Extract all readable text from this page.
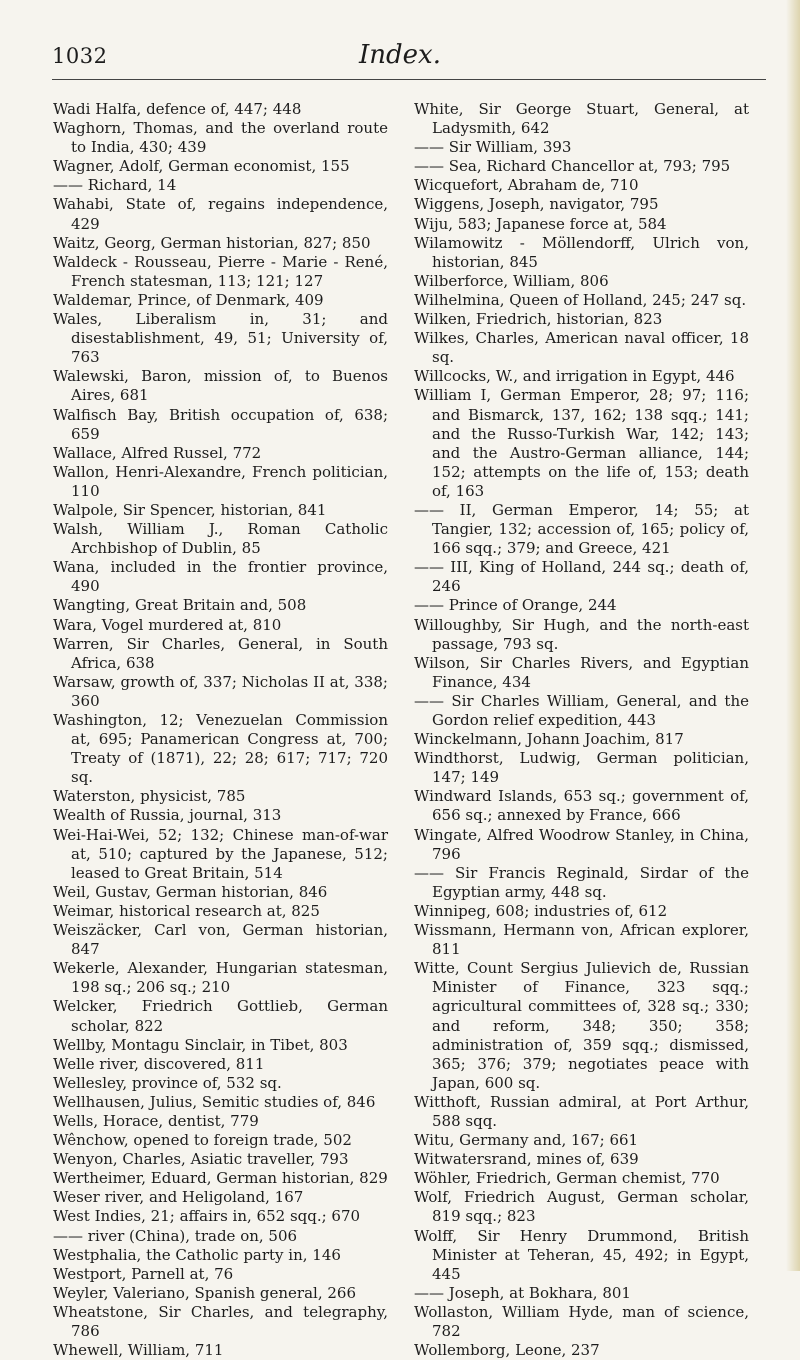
1032	Index.
Wadi Halfa, defence of, 447; 448
Waghorn, Thomas, and the overland route to India, 430; 439
Wagner, Adolf, German economist, 155
—— Richard, 14
Wahabi, State of, regains independence, 429
Waitz, Georg, German historian, 827; 850
Waldeck - Rousseau, Pierre - Marie - René, French statesman, 113; 121; 127
Waldemar, Prince, of Denmark, 409
Wales, Liberalism in, 31; and disestablishment, 49, 51; University of, 763
Walewski, Baron, mission of, to Buenos Aires, 681
Walfisch Bay, British occupation of, 638; 659
Wallace, Alfred Russel, 772
Wallon, Henri-Alexandre, French politician, 110
Walpole, Sir Spencer, historian, 841
Walsh, William J., Roman Catholic Archbishop of Dublin, 85
Wana, included in the frontier province, 490
Wangting, Great Britain and, 508
Wara, Vogel murdered at, 810
Warren, Sir Charles, General, in South Africa, 638
Warsaw, growth of, 337; Nicholas II at, 338; 360
Washington, 12; Venezuelan Commission at, 695; Panamerican Congress at, 700; Treaty of (1871), 22; 28; 617; 717; 720 sq.
Waterston, physicist, 785
Wealth of Russia, journal, 313
Wei-Hai-Wei, 52; 132; Chinese man-of-war at, 510; captured by the Japanese, 512; leased to Great Britain, 514
Weil, Gustav, German historian, 846
Weimar, historical research at, 825
Weiszäcker, Carl von, German historian, 847
Wekerle, Alexander, Hungarian statesman, 198 sq.; 206 sq.; 210
Welcker, Friedrich Gottlieb, German scholar, 822
Wellby, Montagu Sinclair, in Tibet, 803
Welle river, discovered, 811
Wellesley, province of, 532 sq.
Wellhausen, Julius, Semitic studies of, 846
Wells, Horace, dentist, 779
Wênchow, opened to foreign trade, 502
Wenyon, Charles, Asiatic traveller, 793
Wertheimer, Eduard, German historian, 829
Weser river, and Heligoland, 167
West Indies, 21; affairs in, 652 sqq.; 670
—— river (China), trade on, 506
Westphalia, the Catholic party in, 146
Westport, Parnell at, 76
Weyler, Valeriano, Spanish general, 266
Wheatstone, Sir Charles, and telegraphy, 786
Whewell, William, 711
White, Sir George Stuart, General, at Ladysmith, 642
—— Sir William, 393
—— Sea, Richard Chancellor at, 793; 795
Wicquefort, Abraham de, 710
Wiggens, Joseph, navigator, 795
Wiju, 583; Japanese force at, 584
Wilamowitz - Möllendorff, Ulrich von, historian, 845
Wilberforce, William, 806
Wilhelmina, Queen of Holland, 245; 247 sq.
Wilken, Friedrich, historian, 823
Wilkes, Charles, American naval officer, 18 sq.
Willcocks, W., and irrigation in Egypt, 446
William I, German Emperor, 28; 97; 116; and Bismarck, 137, 162; 138 sqq.; 141; and the Russo-Turkish War, 142; 143; and the Austro-German alliance, 144; 152; attempts on the life of, 153; death of, 163
—— II, German Emperor, 14; 55; at Tangier, 132; accession of, 165; policy of, 166 sqq.; 379; and Greece, 421
—— III, King of Holland, 244 sq.; death of, 246
—— Prince of Orange, 244
Willoughby, Sir Hugh, and the north-east passage, 793 sq.
Wilson, Sir Charles Rivers, and Egyptian Finance, 434
—— Sir Charles William, General, and the Gordon relief expedition, 443
Winckelmann, Johann Joachim, 817
Windthorst, Ludwig, German politician, 147; 149
Windward Islands, 653 sq.; government of, 656 sq.; annexed by France, 666
Wingate, Alfred Woodrow Stanley, in China, 796
—— Sir Francis Reginald, Sirdar of the Egyptian army, 448 sq.
Winnipeg, 608; industries of, 612
Wissmann, Hermann von, African explorer, 811
Witte, Count Sergius Julievich de, Russian Minister of Finance, 323 sqq.; agricultural committees of, 328 sq.; 330; and reform, 348; 350; 358; administration of, 359 sqq.; dismissed, 365; 376; 379; negotiates peace with Japan, 600 sq.
Witthoft, Russian admiral, at Port Arthur, 588 sqq.
Witu, Germany and, 167; 661
Witwatersrand, mines of, 639
Wöhler, Friedrich, German chemist, 770
Wolf, Friedrich August, German scholar, 819 sqq.; 823
Wolff, Sir Henry Drummond, British Minister at Teheran, 45, 492; in Egypt, 445
—— Joseph, at Bokhara, 801
Wollaston, William Hyde, man of science, 782
Wollemborg, Leone, 237
